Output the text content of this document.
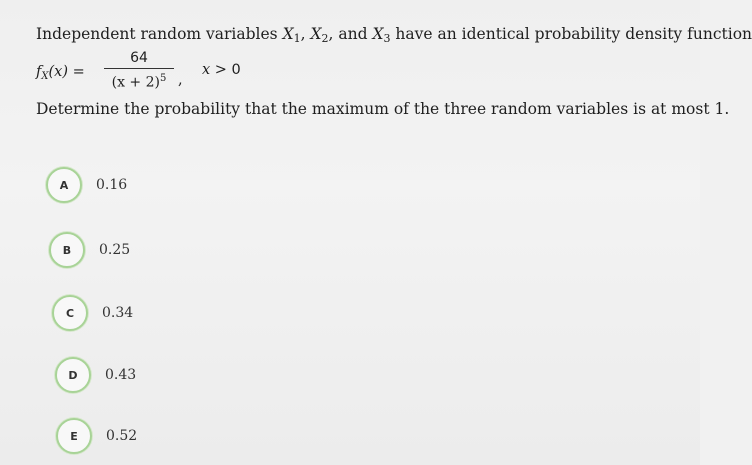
Independent random variables $X_1$, $X_2$, and $X_3$ have an identical probability density function
$f_X(x)$ =
64
$(x + 2)^5$ ,
x > 0
Determine the probability that the maximum of the three random variables is at most 1.
A	0.16
B	0.25
C	0.34
D	0.43
E	0.52
